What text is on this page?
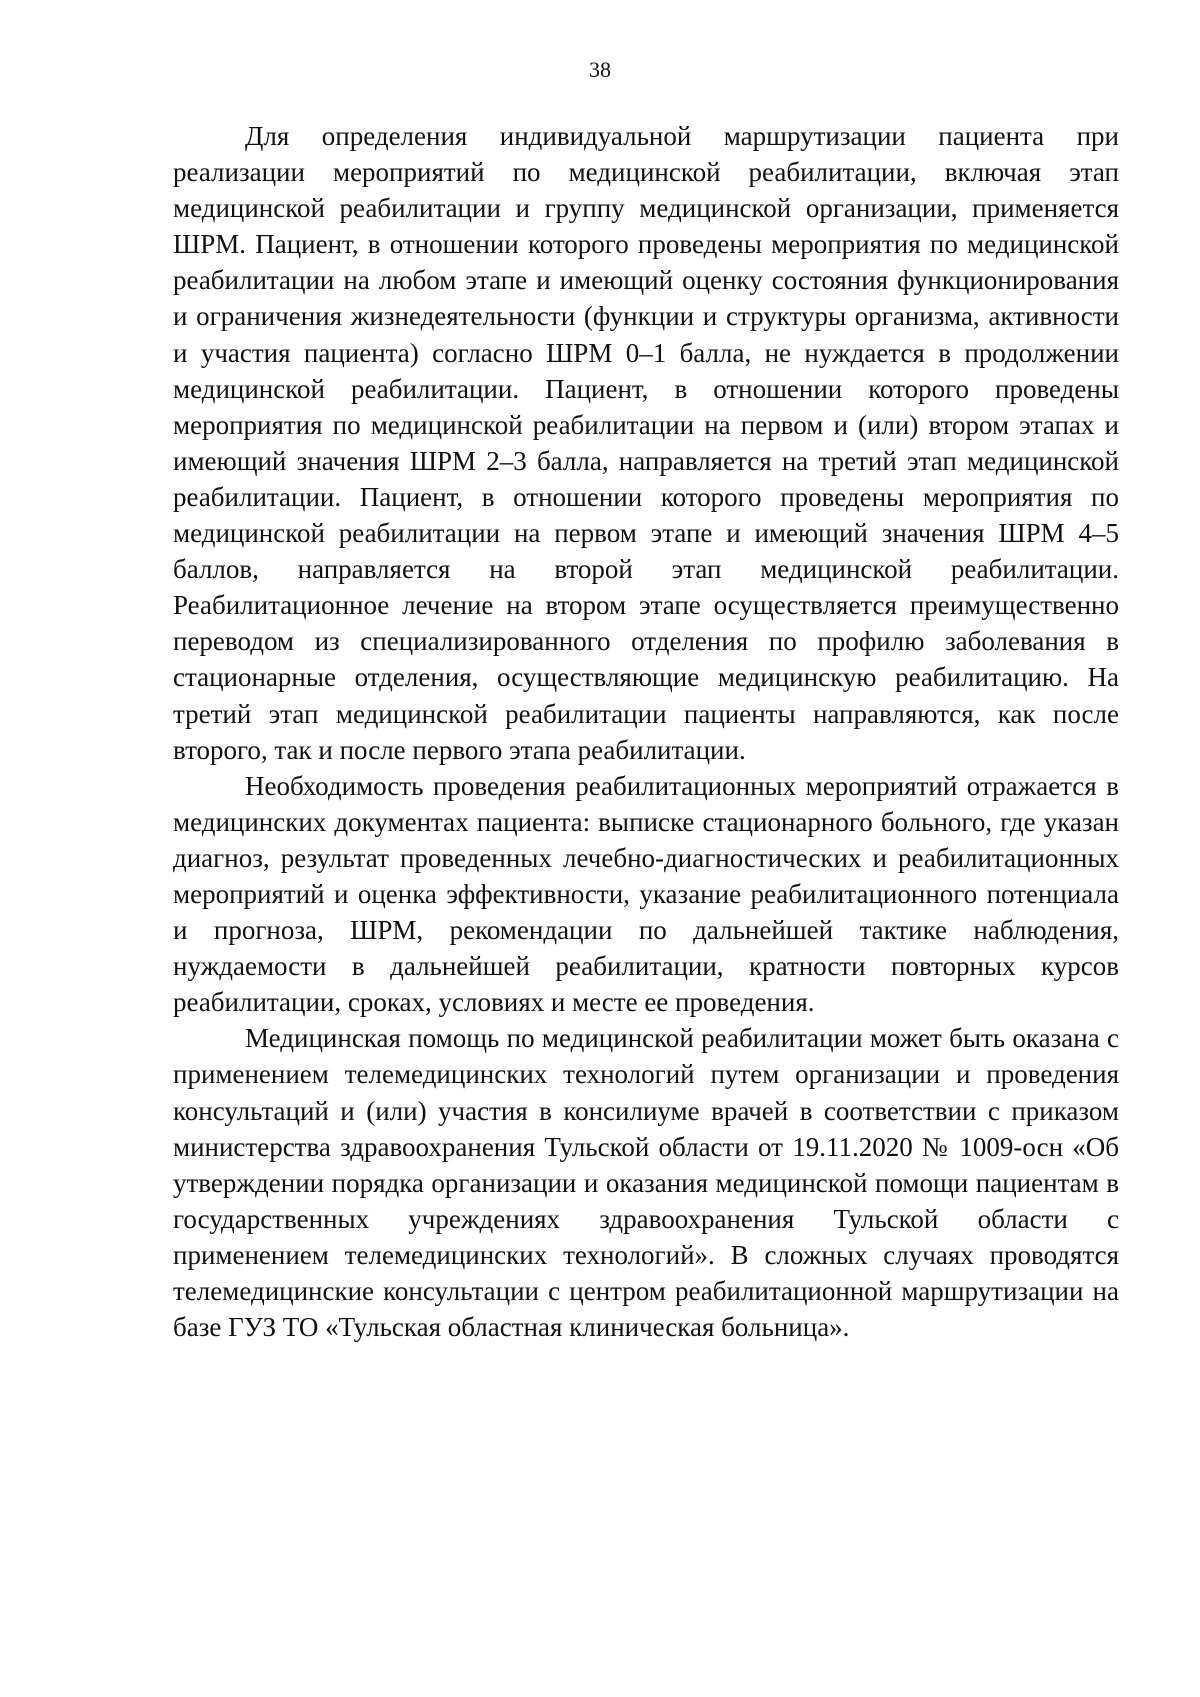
38

Для определения индивидуальной маршрутизации пациента при реализации мероприятий по медицинской реабилитации, включая этап медицинской реабилитации и группу медицинской организации, применяется ШРМ. Пациент, в отношении которого проведены мероприятия по медицинской реабилитации на любом этапе и имеющий оценку состояния функционирования и ограничения жизнедеятельности (функции и структуры организма, активности и участия пациента) согласно ШРМ 0–1 балла, не нуждается в продолжении медицинской реабилитации. Пациент, в отношении которого проведены мероприятия по медицинской реабилитации на первом и (или) втором этапах и имеющий значения ШРМ 2–3 балла, направляется на третий этап медицинской реабилитации. Пациент, в отношении которого проведены мероприятия по медицинской реабилитации на первом этапе и имеющий значения ШРМ 4–5 баллов, направляется на второй этап медицинской реабилитации. Реабилитационное лечение на втором этапе осуществляется преимущественно переводом из специализированного отделения по профилю заболевания в стационарные отделения, осуществляющие медицинскую реабилитацию. На третий этап медицинской реабилитации пациенты направляются, как после второго, так и после первого этапа реабилитации.

Необходимость проведения реабилитационных мероприятий отражается в медицинских документах пациента: выписке стационарного больного, где указан диагноз, результат проведенных лечебно-диагностических и реабилитационных мероприятий и оценка эффективности, указание реабилитационного потенциала и прогноза, ШРМ, рекомендации по дальнейшей тактике наблюдения, нуждаемости в дальнейшей реабилитации, кратности повторных курсов реабилитации, сроках, условиях и месте ее проведения.

Медицинская помощь по медицинской реабилитации может быть оказана с применением телемедицинских технологий путем организации и проведения консультаций и (или) участия в консилиуме врачей в соответствии с приказом министерства здравоохранения Тульской области от 19.11.2020 № 1009-осн «Об утверждении порядка организации и оказания медицинской помощи пациентам в государственных учреждениях здравоохранения Тульской области с применением телемедицинских технологий». В сложных случаях проводятся телемедицинские консультации с центром реабилитационной маршрутизации на базе ГУЗ ТО «Тульская областная клиническая больница».
